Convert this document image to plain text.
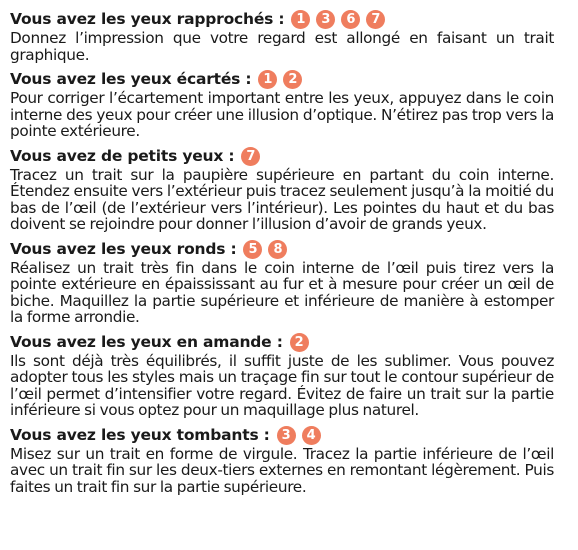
Vous avez les yeux rapprochés : 1	3	6	7

Donnez l’impression que votre regard est allongé en faisant un trait graphique.

Vous avez les yeux écartés : 1	2

Pour corriger l’écartement important entre les yeux, appuyez dans le coin interne des yeux pour créer une illusion d’optique. N’étirez pas trop vers la pointe extérieure.

Vous avez de petits yeux : 7

Tracez un trait sur la paupière supérieure en partant du coin interne. Étendez ensuite vers l’extérieur puis tracez seulement jusqu’à la moitié du bas de l’œil (de l’extérieur vers l’intérieur). Les pointes du haut et du bas doivent se rejoindre pour donner l’illusion d’avoir de grands yeux.

Vous avez les yeux ronds : 5	8

Réalisez un trait très fin dans le coin interne de l’œil puis tirez vers la pointe extérieure en épaississant au fur et à mesure pour créer un œil de biche. Maquillez la partie supérieure et inférieure de manière à estomper la forme arrondie.

Vous avez les yeux en amande : 2

Ils sont déjà très équilibrés, il suffit juste de les sublimer. Vous pouvez adopter tous les styles mais un traçage fin sur tout le contour supérieur de l’œil permet d’intensifier votre regard. Évitez de faire un trait sur la partie inférieure si vous optez pour un maquillage plus naturel.

Vous avez les yeux tombants : 3	4

Misez sur un trait en forme de virgule. Tracez la partie inférieure de l’œil avec un trait fin sur les deux-tiers externes en remontant légèrement. Puis faites un trait fin sur la partie supérieure.
